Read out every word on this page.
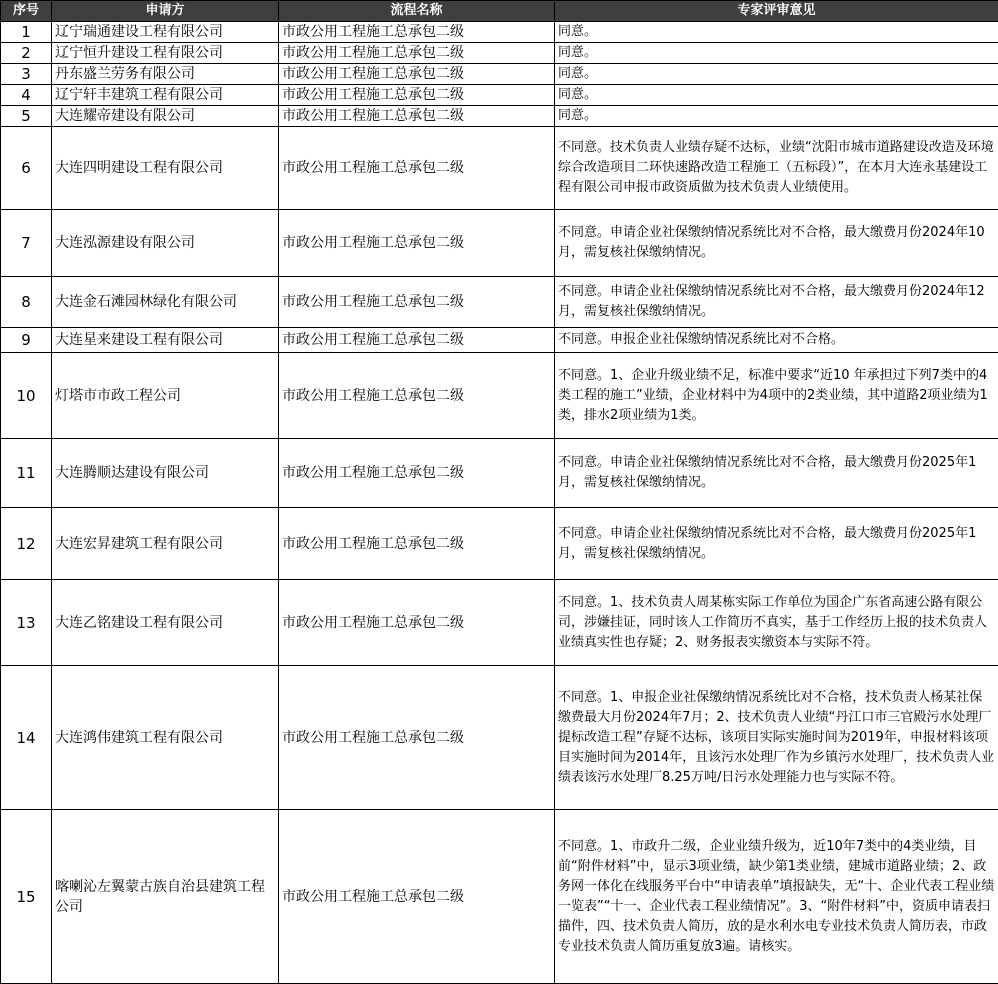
序号	申请方	流程名称	专家评审意见
1	辽宁瑞通建设工程有限公司	市政公用工程施工总承包二级	同意。
2	辽宁恒升建设工程有限公司	市政公用工程施工总承包二级	同意。
3	丹东盛兰劳务有限公司	市政公用工程施工总承包二级	同意。
4	辽宁轩丰建筑工程有限公司	市政公用工程施工总承包二级	同意。
5	大连耀帝建设有限公司	市政公用工程施工总承包二级	同意。
6	大连四明建设工程有限公司	市政公用工程施工总承包二级	不同意。技术负责人业绩存疑不达标，业绩“沈阳市城市道路建设改造及环境综合改造项目二环快速路改造工程施工（五标段）”，在本月大连永基建设工程有限公司申报市政资质做为技术负责人业绩使用。
7	大连泓源建设有限公司	市政公用工程施工总承包二级	不同意。申请企业社保缴纳情况系统比对不合格，最大缴费月份2024年10月，需复核社保缴纳情况。
8	大连金石滩园林绿化有限公司	市政公用工程施工总承包二级	不同意。申请企业社保缴纳情况系统比对不合格，最大缴费月份2024年12月，需复核社保缴纳情况。
9	大连星来建设工程有限公司	市政公用工程施工总承包二级	不同意。申报企业社保缴纳情况系统比对不合格。
10	灯塔市市政工程公司	市政公用工程施工总承包二级	不同意。1、企业升级业绩不足，标准中要求“近10 年承担过下列7类中的4类工程的施工”业绩，企业材料中为4项中的2类业绩，其中道路2项业绩为1类，排水2项业绩为1类。
11	大连腾顺达建设有限公司	市政公用工程施工总承包二级	不同意。申请企业社保缴纳情况系统比对不合格，最大缴费月份2025年1月，需复核社保缴纳情况。
12	大连宏昇建筑工程有限公司	市政公用工程施工总承包二级	不同意。申请企业社保缴纳情况系统比对不合格，最大缴费月份2025年1月，需复核社保缴纳情况。
13	大连乙铭建设工程有限公司	市政公用工程施工总承包二级	不同意。1、技术负责人周某栋实际工作单位为国企广东省高速公路有限公司，涉嫌挂证，同时该人工作简历不真实，基于工作经历上报的技术负责人业绩真实性也存疑；2、财务报表实缴资本与实际不符。
14	大连鸿伟建筑工程有限公司	市政公用工程施工总承包二级	不同意。1、申报企业社保缴纳情况系统比对不合格，技术负责人杨某社保缴费最大月份2024年7月；2、技术负责人业绩“丹江口市三官殿污水处理厂提标改造工程”存疑不达标，该项目实际实施时间为2019年，申报材料该项目实施时间为2014年，且该污水处理厂作为乡镇污水处理厂，技术负责人业绩表该污水处理厂8.25万吨/日污水处理能力也与实际不符。
15	喀喇沁左翼蒙古族自治县建筑工程公司	市政公用工程施工总承包二级	不同意。1、市政升二级，企业业绩升级为，近10年7类中的4类业绩，目前“附件材料”中，显示3项业绩，缺少第1类业绩，建城市道路业绩；2、政务网一体化在线服务平台中“申请表单”填报缺失，无“十、企业代表工程业绩一览表”“十一、企业代表工程业绩情况”。3、“附件材料”中，资质申请表扫描件，四、技术负责人简历，放的是水利水电专业技术负责人简历表，市政专业技术负责人简历重复放3遍。请核实。
